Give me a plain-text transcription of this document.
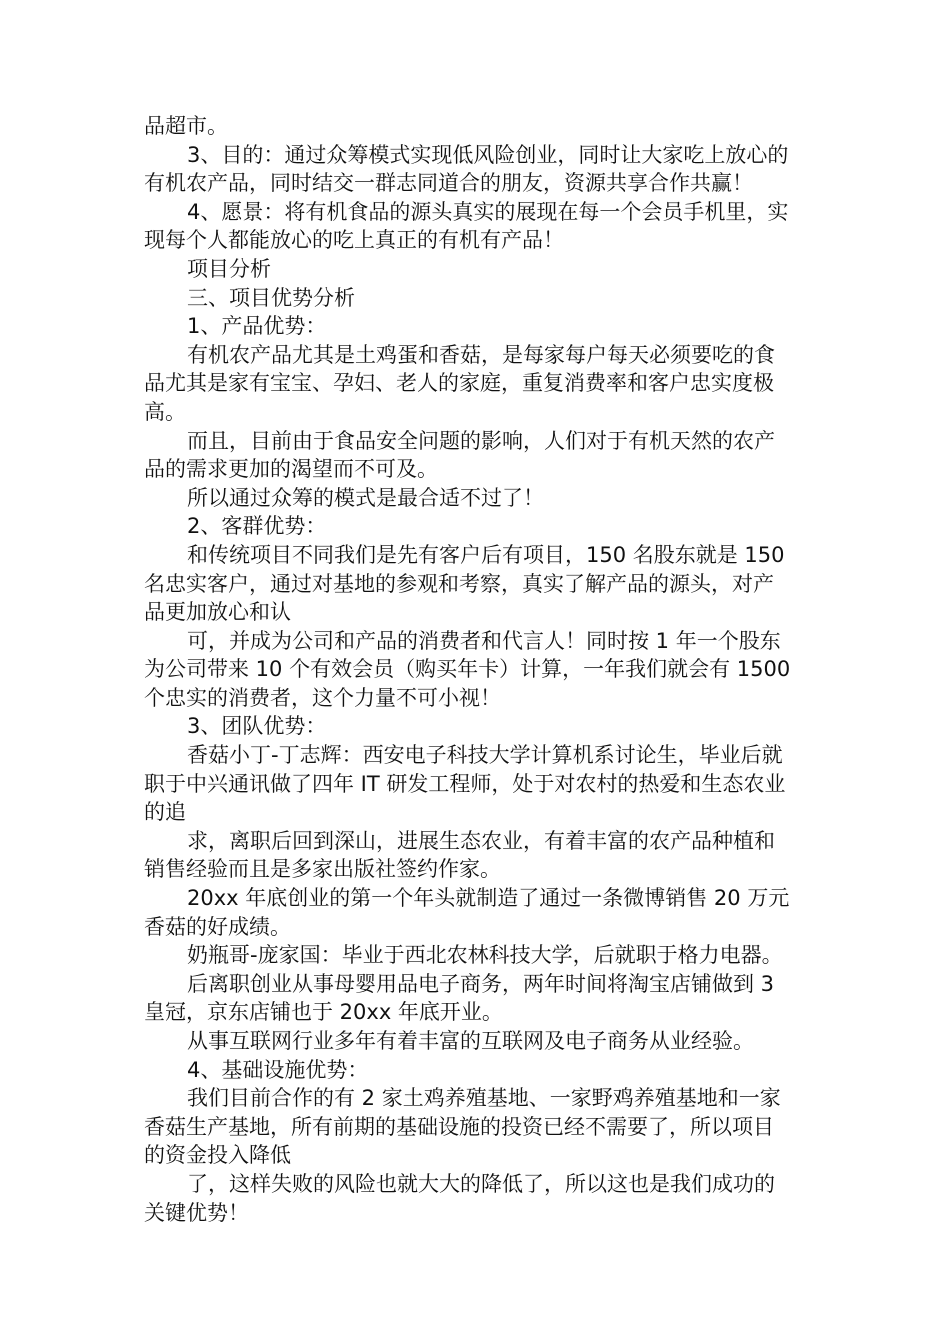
品超市。
3、目的：通过众筹模式实现低风险创业，同时让大家吃上放心的
有机农产品，同时结交一群志同道合的朋友，资源共享合作共赢！
4、愿景：将有机食品的源头真实的展现在每一个会员手机里，实
现每个人都能放心的吃上真正的有机有产品！
项目分析
三、项目优势分析
1、产品优势：
有机农产品尤其是土鸡蛋和香菇，是每家每户每天必须要吃的食
品尤其是家有宝宝、孕妇、老人的家庭，重复消费率和客户忠实度极
高。
而且，目前由于食品安全问题的影响，人们对于有机天然的农产
品的需求更加的渴望而不可及。
所以通过众筹的模式是最合适不过了！
2、客群优势：
和传统项目不同我们是先有客户后有项目，150 名股东就是 150
名忠实客户，通过对基地的参观和考察，真实了解产品的源头，对产
品更加放心和认
可，并成为公司和产品的消费者和代言人！同时按 1 年一个股东
为公司带来 10 个有效会员（购买年卡）计算，一年我们就会有 1500
个忠实的消费者，这个力量不可小视！
3、团队优势：
香菇小丁-丁志辉：西安电子科技大学计算机系讨论生，毕业后就
职于中兴通讯做了四年 IT 研发工程师，处于对农村的热爱和生态农业
的追
求，离职后回到深山，进展生态农业，有着丰富的农产品种植和
销售经验而且是多家出版社签约作家。
20xx 年底创业的第一个年头就制造了通过一条微博销售 20 万元
香菇的好成绩。
奶瓶哥-庞家国：毕业于西北农林科技大学，后就职于格力电器。
后离职创业从事母婴用品电子商务，两年时间将淘宝店铺做到 3
皇冠，京东店铺也于 20xx 年底开业。
从事互联网行业多年有着丰富的互联网及电子商务从业经验。
4、基础设施优势：
我们目前合作的有 2 家土鸡养殖基地、一家野鸡养殖基地和一家
香菇生产基地，所有前期的基础设施的投资已经不需要了，所以项目
的资金投入降低
了，这样失败的风险也就大大的降低了，所以这也是我们成功的
关键优势！
